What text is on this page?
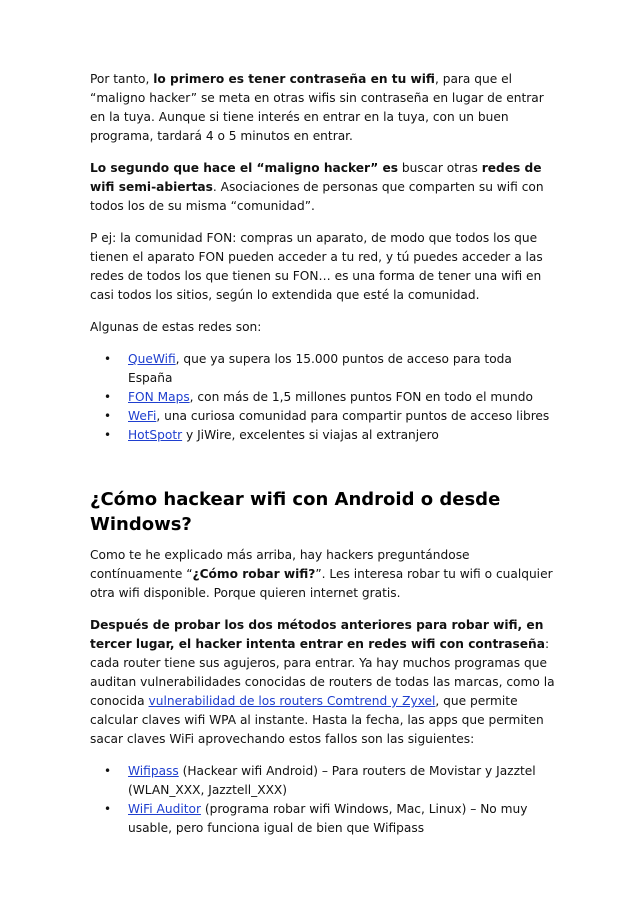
Por tanto, lo primero es tener contraseña en tu wifi, para que el “maligno hacker” se meta en otras wifis sin contraseña en lugar de entrar en la tuya. Aunque si tiene interés en entrar en la tuya, con un buen programa, tardará 4 o 5 minutos en entrar.

Lo segundo que hace el “maligno hacker” es buscar otras redes de wifi semi-abiertas. Asociaciones de personas que comparten su wifi con todos los de su misma “comunidad”.

P ej: la comunidad FON: compras un aparato, de modo que todos los que tienen el aparato FON pueden acceder a tu red, y tú puedes acceder a las redes de todos los que tienen su FON… es una forma de tener una wifi en casi todos los sitios, según lo extendida que esté la comunidad.

Algunas de estas redes son:

• QueWifi, que ya supera los 15.000 puntos de acceso para toda España
• FON Maps, con más de 1,5 millones puntos FON en todo el mundo
• WeFi, una curiosa comunidad para compartir puntos de acceso libres
• HotSpotr y JiWire, excelentes si viajas al extranjero
¿Cómo hackear wifi con Android o desde Windows?

Como te he explicado más arriba, hay hackers preguntándose contínuamente “¿Cómo robar wifi?”. Les interesa robar tu wifi o cualquier otra wifi disponible. Porque quieren internet gratis.

Después de probar los dos métodos anteriores para robar wifi, en tercer lugar, el hacker intenta entrar en redes wifi con contraseña: cada router tiene sus agujeros, para entrar. Ya hay muchos programas que auditan vulnerabilidades conocidas de routers de todas las marcas, como la conocida vulnerabilidad de los routers Comtrend y Zyxel, que permite calcular claves wifi WPA al instante. Hasta la fecha, las apps que permiten sacar claves WiFi aprovechando estos fallos son las siguientes:

• Wifipass (Hackear wifi Android) – Para routers de Movistar y Jazztel (WLAN_XXX, Jazztell_XXX)
• WiFi Auditor (programa robar wifi Windows, Mac, Linux) – No muy usable, pero funciona igual de bien que Wifipass
